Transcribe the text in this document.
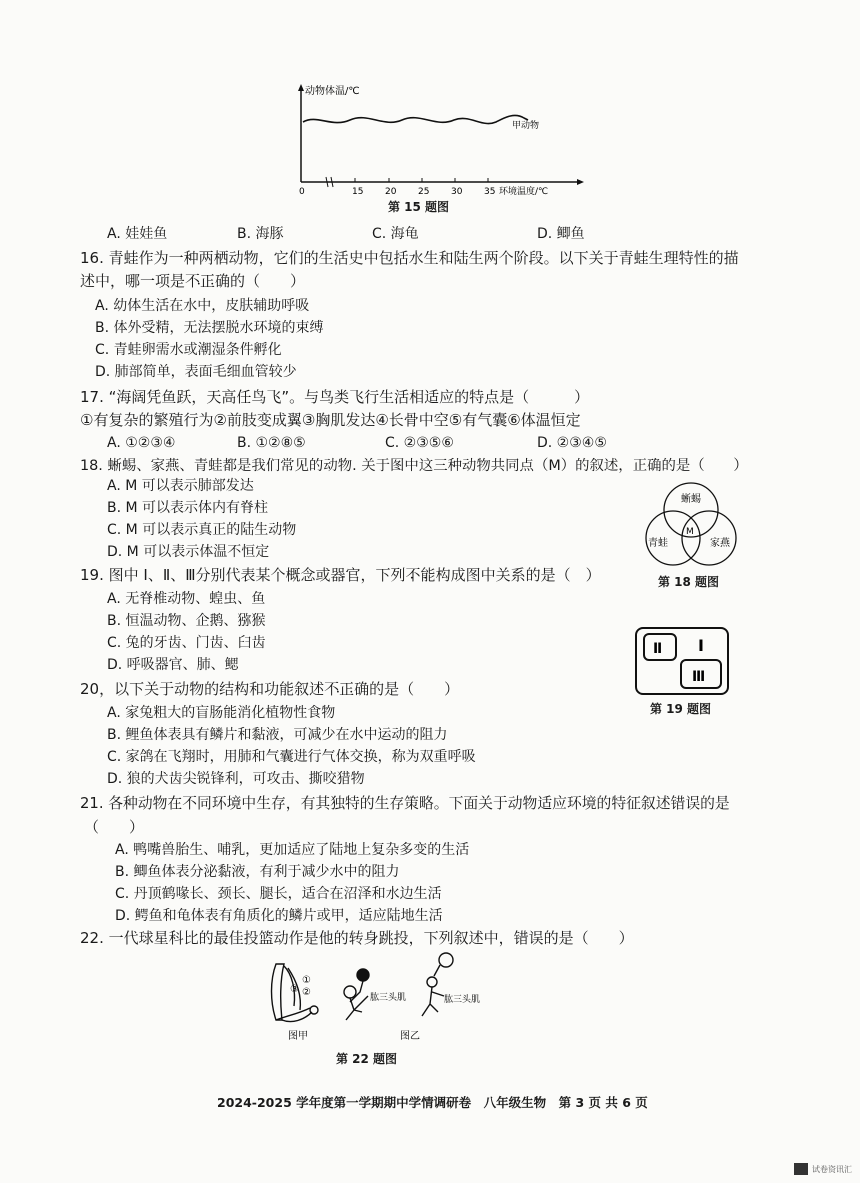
动物体温/℃
甲动物
0	15 20 25 30 35 环境温度/℃
第 15 题图
A. 娃娃鱼	B. 海豚	C. 海龟	D. 鲫鱼
16. 青蛙作为一种两栖动物，它们的生活史中包括水生和陆生两个阶段。以下关于青蛙生理特性的描
述中，哪一项是不正确 • •的（　　）
A. 幼体生活在水中，皮肤辅助呼吸
B. 体外受精，无法摆脱水环境的束缚
C. 青蛙卵需水或潮湿条件孵化
D. 肺部简单，表面毛细血管较少
17. “海阔凭鱼跃，天高任鸟飞”。与鸟类飞行生活相适应的特点是（　　　）
①有复杂的繁殖行为②前肢变成翼③胸肌发达④长骨中空⑤有气囊⑥体温恒定
A. ①②③④	B. ①②⑧⑤	C. ②③⑤⑥	D. ②③④⑤
18. 蜥蜴、家燕、青蛙都是我们常见的动物. 关于图中这三种动物共同点（M）的叙述，正确的是（　　）
A. M 可以表示肺部发达
B. M 可以表示体内有脊柱
C. M 可以表示真正的陆生动物
D. M 可以表示体温不恒定
蜥蜴
青蛙	家燕
M
第 18 题图
19. 图中 Ⅰ、Ⅱ、Ⅲ分别代表某个概念或器官，下列不能 • •构成图中关系的是（　）
A. 无脊椎动物、蝗虫、鱼
B. 恒温动物、企鹅、猕猴
C. 兔的牙齿、门齿、臼齿
D. 呼吸器官、肺、鳃
Ⅰ
Ⅱ
Ⅲ
第 19 题图
20，以下关于动物的结构和功能叙述不正确 • •的是（　　）
A. 家兔粗大的盲肠能消化植物性食物
B. 鲤鱼体表具有鳞片和黏液，可减少在水中运动的阻力
C. 家鸽在飞翔时，用肺和气囊进行气体交换，称为双重呼吸
D. 狼的犬齿尖锐锋利，可攻击、撕咬猎物
21. 各种动物在不同环境中生存，有其独特的生存策略。下面关于动物适应环境的特征叙述错误的是
（　　）
A. 鸭嘴兽胎生、哺乳，更加适应了陆地上复杂多变的生活
B. 鲫鱼体表分泌黏液，有利于减少水中的阻力
C. 丹顶鹤喙长、颈长、腿长，适合在沼泽和水边生活
D. 鳄鱼和龟体表有角质化的鳞片或甲，适应陆地生活
22. 一代球星科比的最佳投篮动作是他的转身跳投，下列叙述中，错误的是（　　）
①
②
③
肱三头肌	肱三头肌
图甲	图乙
第 22 题图
2024-2025 学年度第一学期期中学情调研卷　八年级生物　第 3 页 共 6 页
试卷资讯汇
